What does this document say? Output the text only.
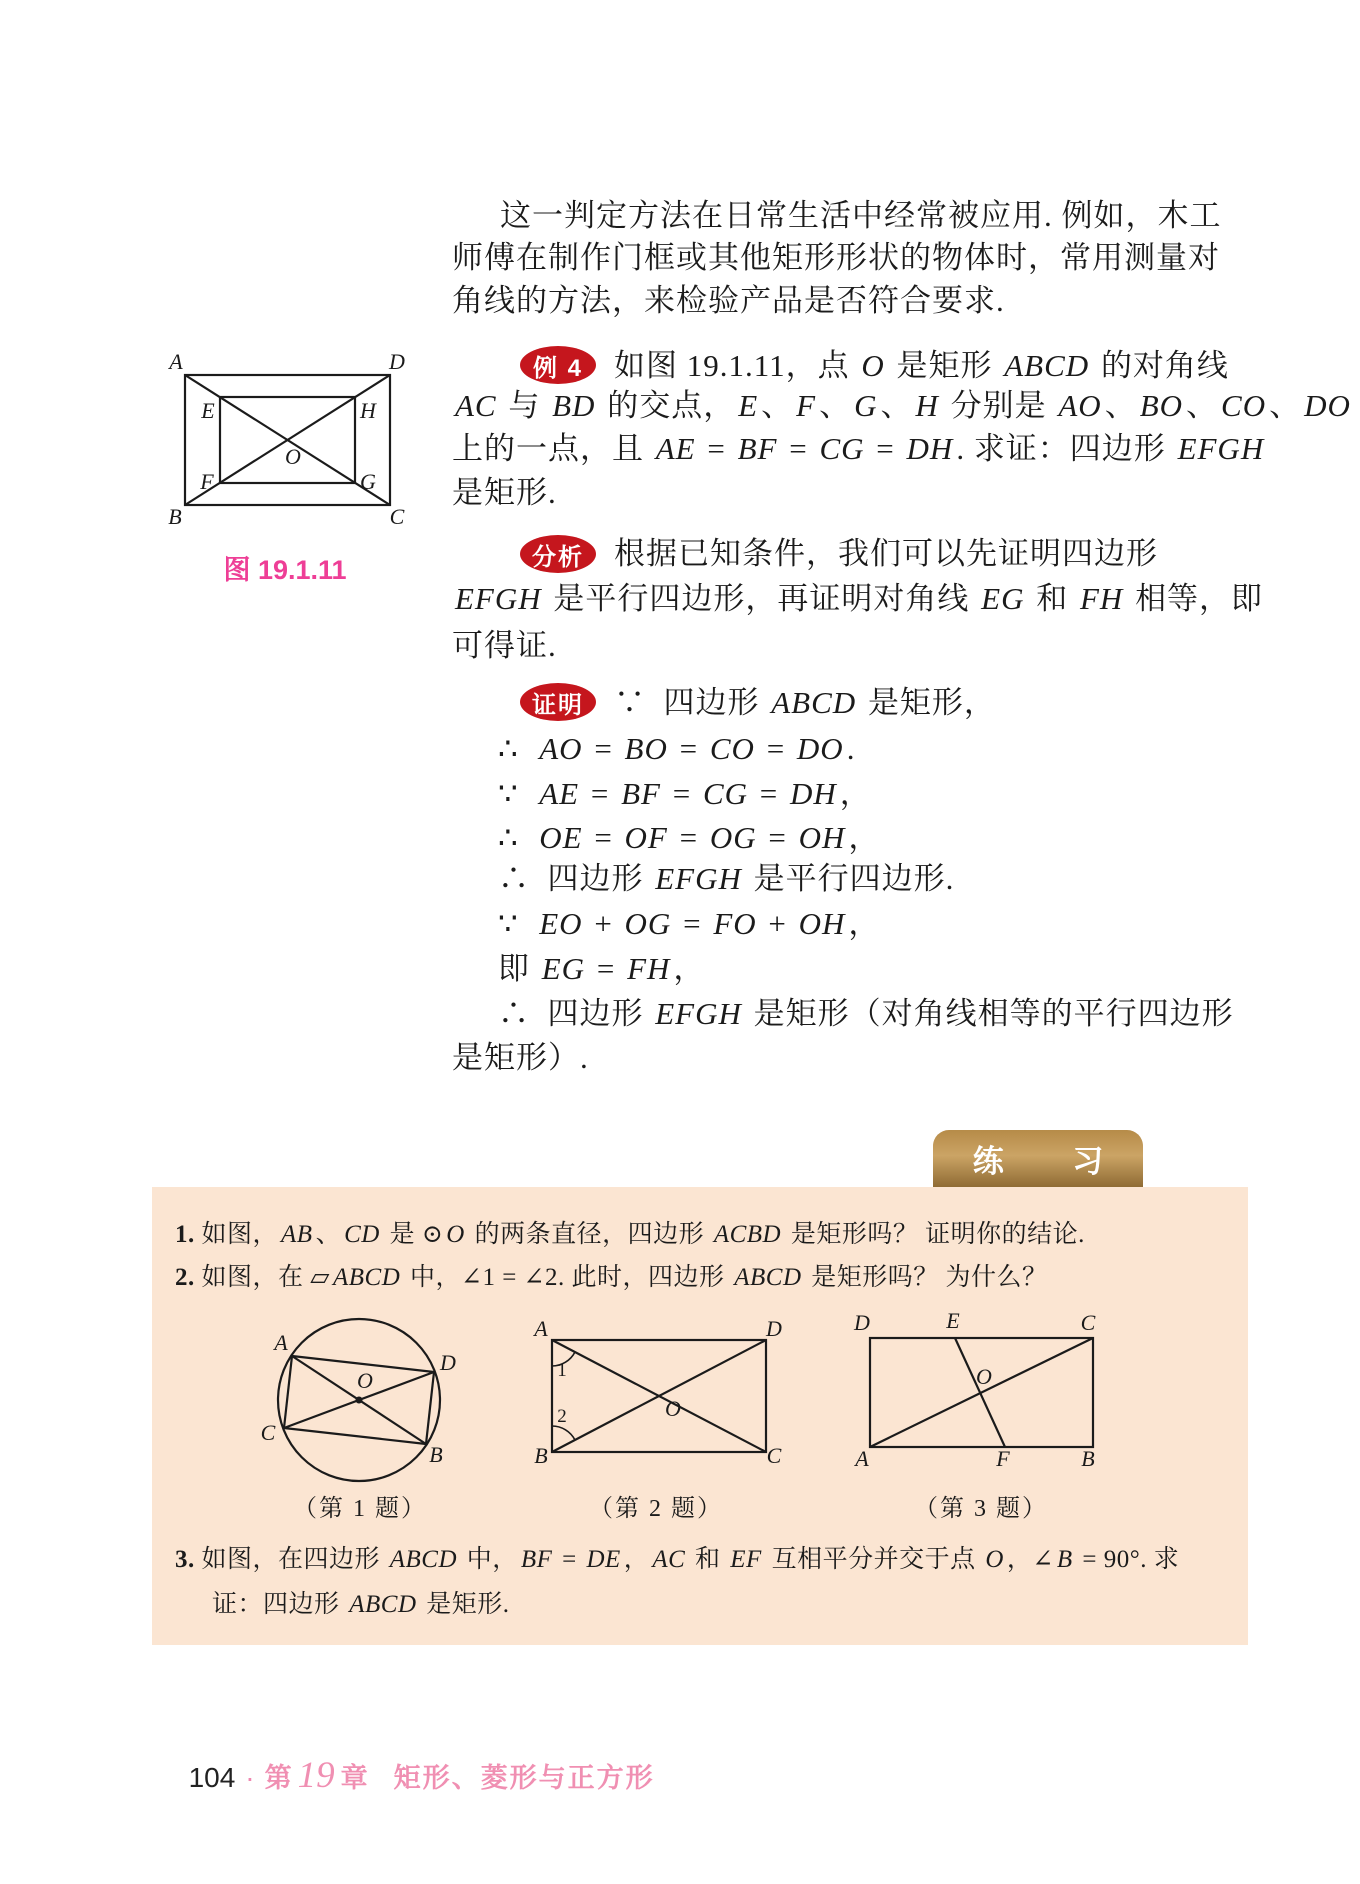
这一判定方法在日常生活中经常被应用. 例如，木工
师傅在制作门框或其他矩形形状的物体时，常用测量对
角线的方法，来检验产品是否符合要求.
A	D
B	C
E	H
F	G
O
图 19.1.11
例 4	如图 19.1.11，点 O 是矩形 ABCD 的对角线
AC 与 BD 的交点，E、F、G、H 分别是 AO、BO、CO、DO
上的一点，且 AE = BF = CG = DH. 求证：四边形 EFGH
是矩形.
分析 根据已知条件，我们可以先证明四边形
EFGH 是平行四边形，再证明对角线 EG 和 FH 相等，即
可得证.
证明 ∵  四边形 ABCD 是矩形，
∴  AO = BO = CO = DO.
∵  AE = BF = CG = DH，
∴  OE = OF = OG = OH，
∴  四边形 EFGH 是平行四边形.
∵  EO + OG = FO + OH，
即 EG = FH，
∴  四边形 EFGH 是矩形（对角线相等的平行四边形
是矩形）.
练 习
1. 如图， AB 、 CD 是 ⊙ O 的两条直径，四边形 ACBD 是矩形吗？ 证明你的结论.
2. 如图，在 ▱ ABCD 中，∠1 = ∠2. 此时，四边形 ABCD 是矩形吗？ 为什么？
A
D
B
C
O
（第 1 题）
A	D
B	C
O
1
2
（第 2 题）
D	E	C
A	F	B
O
（第 3 题）
3. 如图，在四边形 ABCD 中， BF = DE ， AC 和 EF 互相平分并交于点 O ，∠ B = 90°. 求
证：四边形 ABCD 是矩形.

104 · 第 19 章 矩形、菱形与正方形
